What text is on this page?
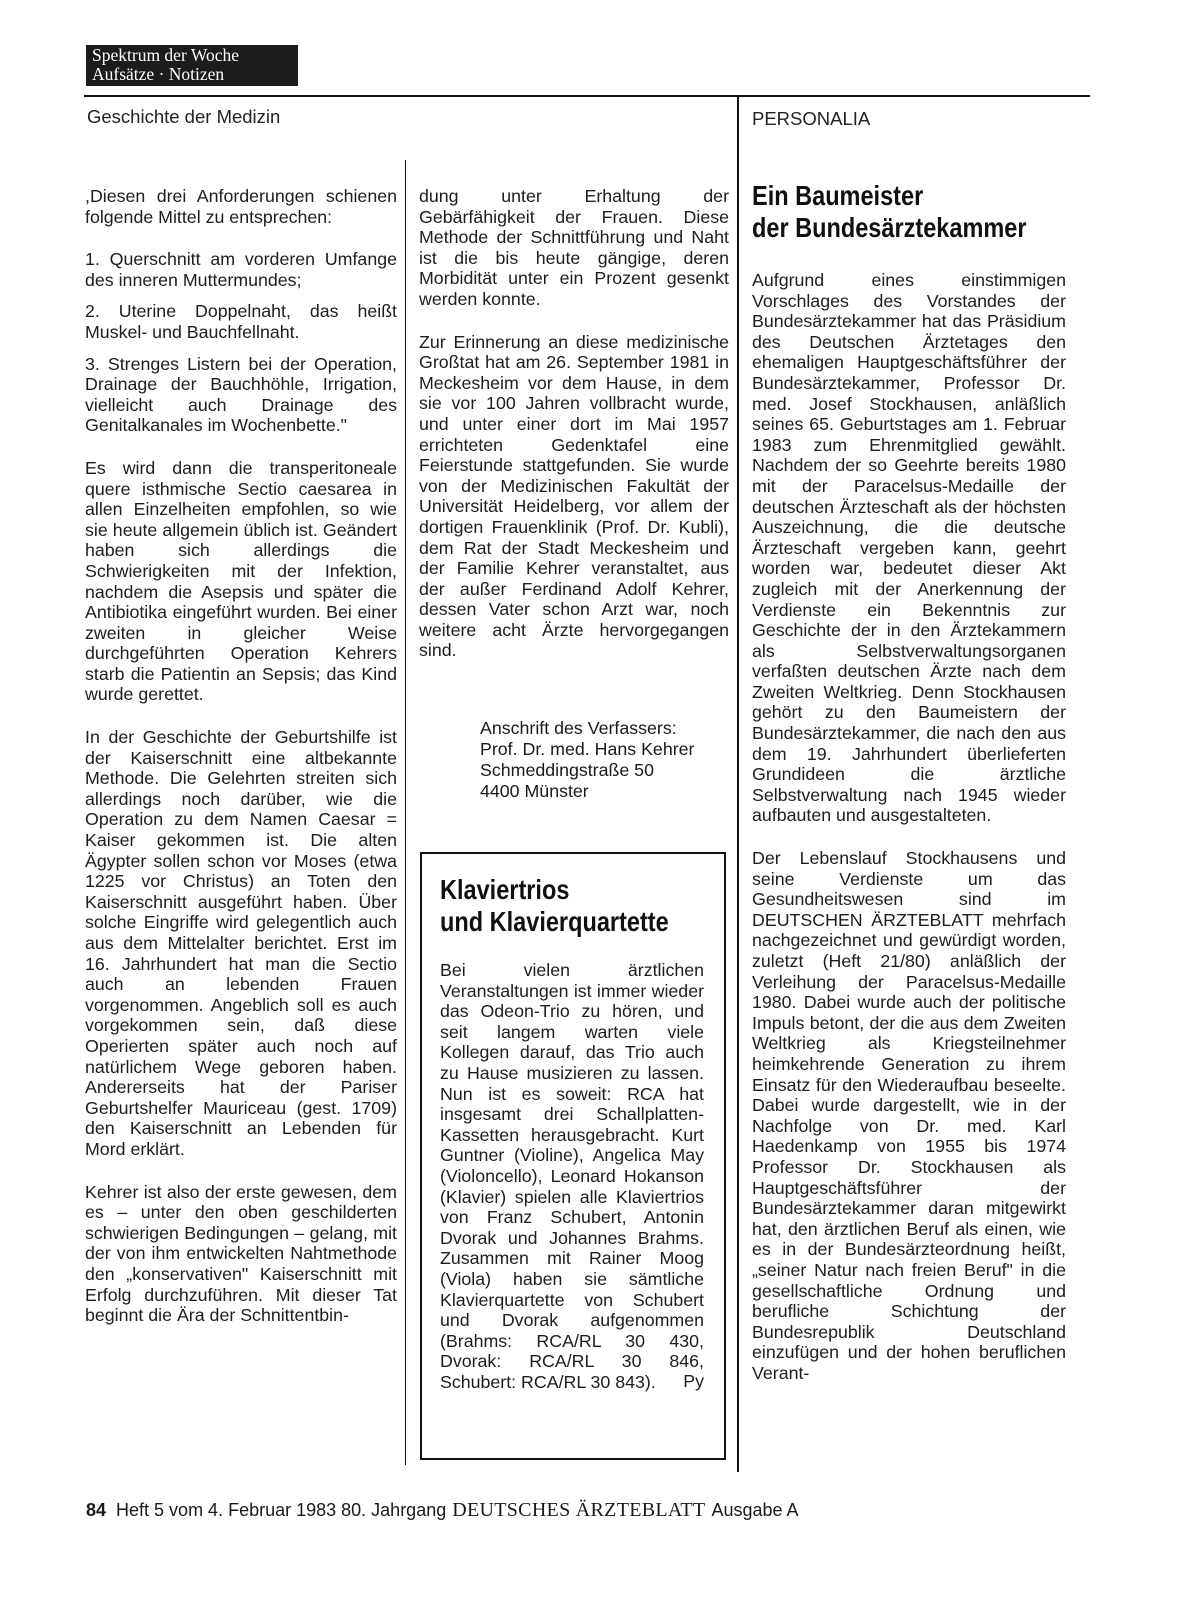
Spektrum der Woche
Aufsätze · Notizen
Geschichte der Medizin	PERSONALIA

,Diesen drei Anforderungen schienen folgende Mittel zu entsprechen:

1. Querschnitt am vorderen Umfange des inneren Muttermundes;

2. Uterine Doppelnaht, das heißt Muskel- und Bauchfellnaht.

3. Strenges Listern bei der Operation, Drainage der Bauchhöhle, Irrigation, vielleicht auch Drainage des Genitalkanales im Wochenbette."

Es wird dann die transperitoneale quere isthmische Sectio caesarea in allen Einzelheiten empfohlen, so wie sie heute allgemein üblich ist. Geändert haben sich allerdings die Schwierigkeiten mit der Infektion, nachdem die Asepsis und später die Antibiotika eingeführt wurden. Bei einer zweiten in gleicher Weise durchgeführten Operation Kehrers starb die Patientin an Sepsis; das Kind wurde gerettet.

In der Geschichte der Geburtshilfe ist der Kaiserschnitt eine altbekannte Methode. Die Gelehrten streiten sich allerdings noch darüber, wie die Operation zu dem Namen Caesar = Kaiser gekommen ist. Die alten Ägypter sollen schon vor Moses (etwa 1225 vor Christus) an Toten den Kaiserschnitt ausgeführt haben. Über solche Eingriffe wird gelegentlich auch aus dem Mittelalter berichtet. Erst im 16. Jahrhundert hat man die Sectio auch an lebenden Frauen vorgenommen. Angeblich soll es auch vorgekommen sein, daß diese Operierten später auch noch auf natürlichem Wege geboren haben. Andererseits hat der Pariser Geburtshelfer Mauriceau (gest. 1709) den Kaiserschnitt an Lebenden für Mord erklärt.

Kehrer ist also der erste gewesen, dem es – unter den oben geschilderten schwierigen Bedingungen – gelang, mit der von ihm entwickelten Nahtmethode den „konservativen" Kaiserschnitt mit Erfolg durchzuführen. Mit dieser Tat beginnt die Ära der Schnittentbin-

dung unter Erhaltung der Gebärfähigkeit der Frauen. Diese Methode der Schnittführung und Naht ist die bis heute gängige, deren Morbidität unter ein Prozent gesenkt werden konnte.

Zur Erinnerung an diese medizinische Großtat hat am 26. September 1981 in Meckesheim vor dem Hause, in dem sie vor 100 Jahren vollbracht wurde, und unter einer dort im Mai 1957 errichteten Gedenktafel eine Feierstunde stattgefunden. Sie wurde von der Medizinischen Fakultät der Universität Heidelberg, vor allem der dortigen Frauenklinik (Prof. Dr. Kubli), dem Rat der Stadt Meckesheim und der Familie Kehrer veranstaltet, aus der außer Ferdinand Adolf Kehrer, dessen Vater schon Arzt war, noch weitere acht Ärzte hervorgegangen sind.

Anschrift des Verfassers:
Prof. Dr. med. Hans Kehrer
Schmeddingstraße 50
4400 Münster
Klaviertrios
und Klavierquartette

Bei vielen ärztlichen Veranstaltungen ist immer wieder das Odeon-Trio zu hören, und seit langem warten viele Kollegen darauf, das Trio auch zu Hause musizieren zu lassen. Nun ist es soweit: RCA hat insgesamt drei Schallplatten-Kassetten herausgebracht. Kurt Guntner (Violine), Angelica May (Violoncello), Leonard Hokanson (Klavier) spielen alle Klaviertrios von Franz Schubert, Antonin Dvorak und Johannes Brahms. Zusammen mit Rainer Moog (Viola) haben sie sämtliche Klavierquartette von Schubert und Dvorak aufgenommen (Brahms: RCA/RL 30 430, Dvorak: RCA/RL 30 846, Schubert: RCA/RL 30 843).	Py
Ein Baumeister
der Bundesärztekammer

Aufgrund eines einstimmigen Vorschlages des Vorstandes der Bundesärztekammer hat das Präsidium des Deutschen Ärztetages den ehemaligen Hauptgeschäftsführer der Bundesärztekammer, Professor Dr. med. Josef Stockhausen, anläßlich seines 65. Geburtstages am 1. Februar 1983 zum Ehrenmitglied gewählt. Nachdem der so Geehrte bereits 1980 mit der Paracelsus-Medaille der deutschen Ärzteschaft als der höchsten Auszeichnung, die die deutsche Ärzteschaft vergeben kann, geehrt worden war, bedeutet dieser Akt zugleich mit der Anerkennung der Verdienste ein Bekenntnis zur Geschichte der in den Ärztekammern als Selbstverwaltungsorganen verfaßten deutschen Ärzte nach dem Zweiten Weltkrieg. Denn Stockhausen gehört zu den Baumeistern der Bundesärztekammer, die nach den aus dem 19. Jahrhundert überlieferten Grundideen die ärztliche Selbstverwaltung nach 1945 wieder aufbauten und ausgestalteten.

Der Lebenslauf Stockhausens und seine Verdienste um das Gesundheitswesen sind im DEUTSCHEN ÄRZTEBLATT mehrfach nachgezeichnet und gewürdigt worden, zuletzt (Heft 21/80) anläßlich der Verleihung der Paracelsus-Medaille 1980. Dabei wurde auch der politische Impuls betont, der die aus dem Zweiten Weltkrieg als Kriegsteilnehmer heimkehrende Generation zu ihrem Einsatz für den Wiederaufbau beseelte. Dabei wurde dargestellt, wie in der Nachfolge von Dr. med. Karl Haedenkamp von 1955 bis 1974 Professor Dr. Stockhausen als Hauptgeschäftsführer der Bundesärztekammer daran mitgewirkt hat, den ärztlichen Beruf als einen, wie es in der Bundesärzteordnung heißt, „seiner Natur nach freien Beruf" in die gesellschaftliche Ordnung und berufliche Schichtung der Bundesrepublik Deutschland einzufügen und der hohen beruflichen Verant-

84 Heft 5 vom 4. Februar 1983 80. Jahrgang DEUTSCHES ÄRZTEBLATT Ausgabe A
